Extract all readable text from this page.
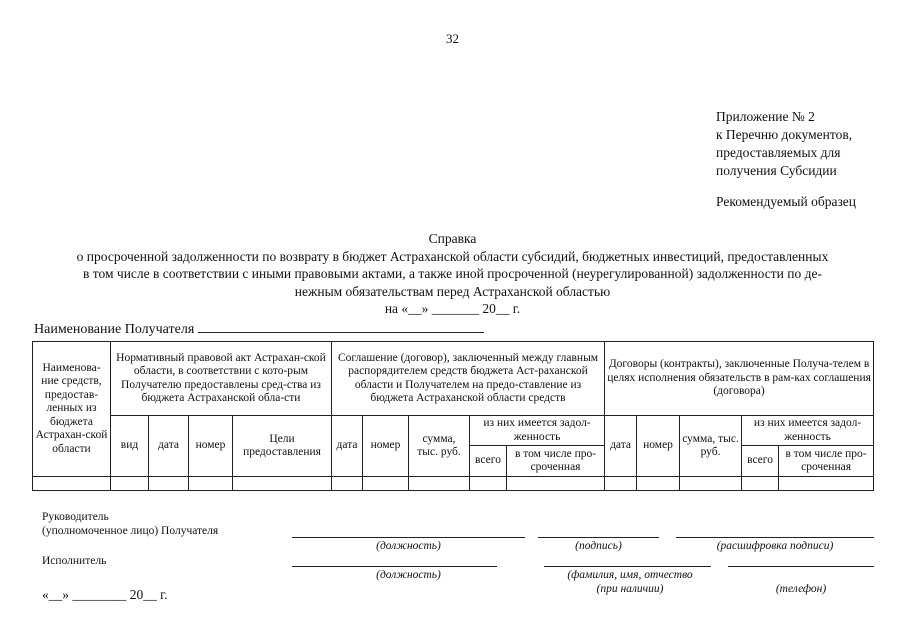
32
Приложение № 2
к Перечню документов,
предоставляемых для
получения Субсидии
Рекомендуемый образец
Справка
о просроченной задолженности по возврату в бюджет Астраханской области субсидий, бюджетных инвестиций, предоставленных
в том числе в соответствии с иными правовыми актами, а также иной просроченной (неурегулированной) задолженности по де-
нежным обязательствам перед Астраханской областью
на «__» _______ 20__ г.
Наименование Получателя
Наименова-ние средств, предостав-ленных из бюджета Астрахан-ской области	Нормативный правовой акт Астрахан-ской области, в соответствии с кото-рым Получателю предоставлены сред-ства из бюджета Астраханской обла-сти				Соглашение (договор), заключенный между главным распорядителем средств бюджета Аст-раханской области и Получателем на предо-ставление из бюджета Астраханской области средств					Договоры (контракты), заключенные Получа-телем в целях исполнения обязательств в рам-ках соглашения (договора)				
	вид	дата	номер	Цели предоставления	дата	номер	сумма, тыс. руб.	из них имеется задол-женность		дата	номер	сумма, тыс. руб.	из них имеется задол-женность	
								всего	в том числе про-сроченная				всего	в том числе про-сроченная

Руководитель
(уполномоченное лицо) Получателя
(должность)	(подпись)	(расшифровка подписи)
Исполнитель
(должность)	(фамилия, имя, отчество
(при наличии)	(телефон)
«__» ________ 20__ г.
